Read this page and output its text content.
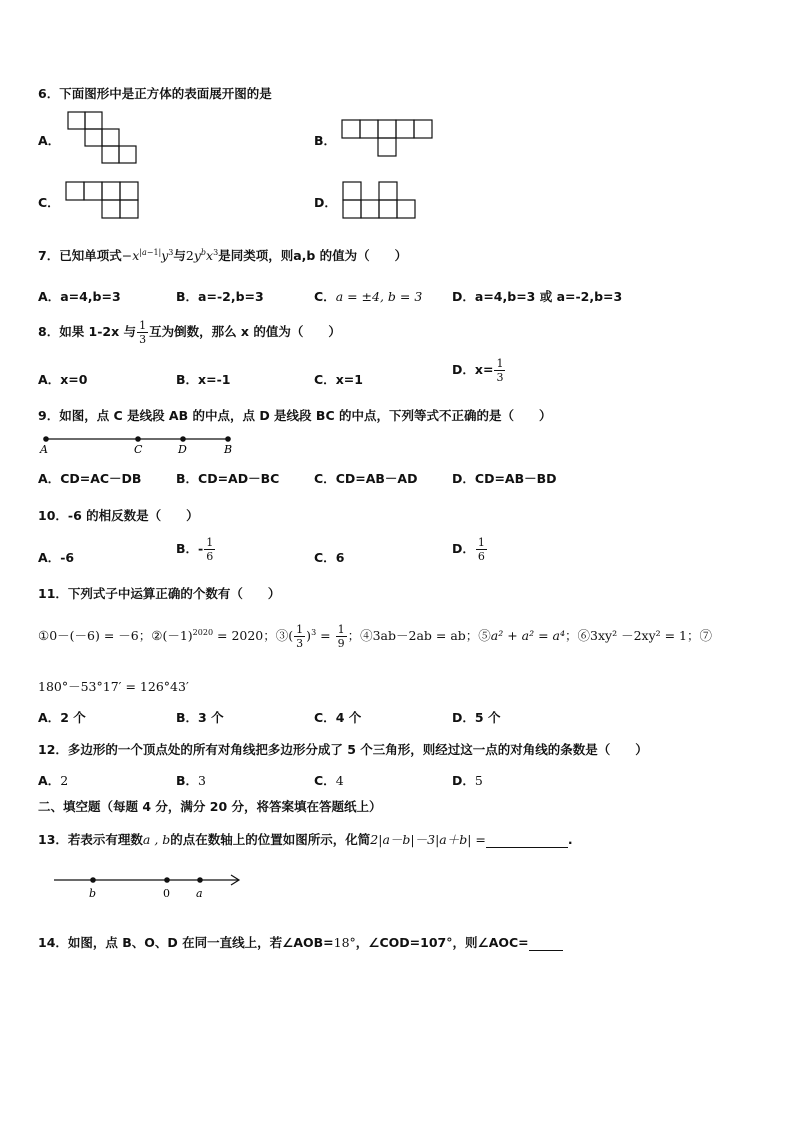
6．下面图形中是正方体的表面展开图的是
A．	B．
C．	D．
7．已知单项式$-x^{|a-1|}y^3$与$2y^bx^3$是同类项，则a,b 的值为（　　）
A．a=4,b=3	B．a=-2,b=3	C．a = ±4, b = 3 D．a=4,b=3 或 a=-2,b=3
8．如果 1-2x 与 $\frac{1}{3}$ 互为倒数，那么 x 的值为（　　）
A．x=0	B．x=-1	C．x=1
D．$x= \frac{1}{3}$
9．如图，点 C 是线段 AB 的中点，点 D 是线段 BC 的中点，下列等式不正确的是（　　）
A	C	D	B
A．CD=AC－DB	B．CD=AD－BC	C．CD=AB－AD	D．CD=AB－BD
10．-6 的相反数是（　　）
A．-6
B．- $\frac{1}{6}$	C．6
D． $\frac{1}{6}$
11．下列式子中运算正确的个数有（　　）
①0－(－6) = －6；$②(-1)^{2020} = 2020$；③( $\frac{1}{3} )^3 = \frac{1}{9}$ ；④3ab－2ab = ab；⑤a² + a² = a⁴；⑥3xy² －2xy² = 1；⑦
180°－53°17′ = 126°43′
A．2 个	B．3 个	C．4 个	D．5 个
12．多边形的一个顶点处的所有对角线把多边形分成了 5 个三角形，则经过这一点的对角线的条数是（　　）
A．2	B．3	C．4	D．5
二、填空题（每题 4 分，满分 20 分，将答案填在答题纸上）
13．若表示有理数a , b的点在数轴上的位置如图所示，化简2|a－b|－3|a＋b| =	.
b	0 a
14．如图，点 B、O、D 在同一直线上，若∠AOB=18°，∠COD=107°，则∠AOC=
